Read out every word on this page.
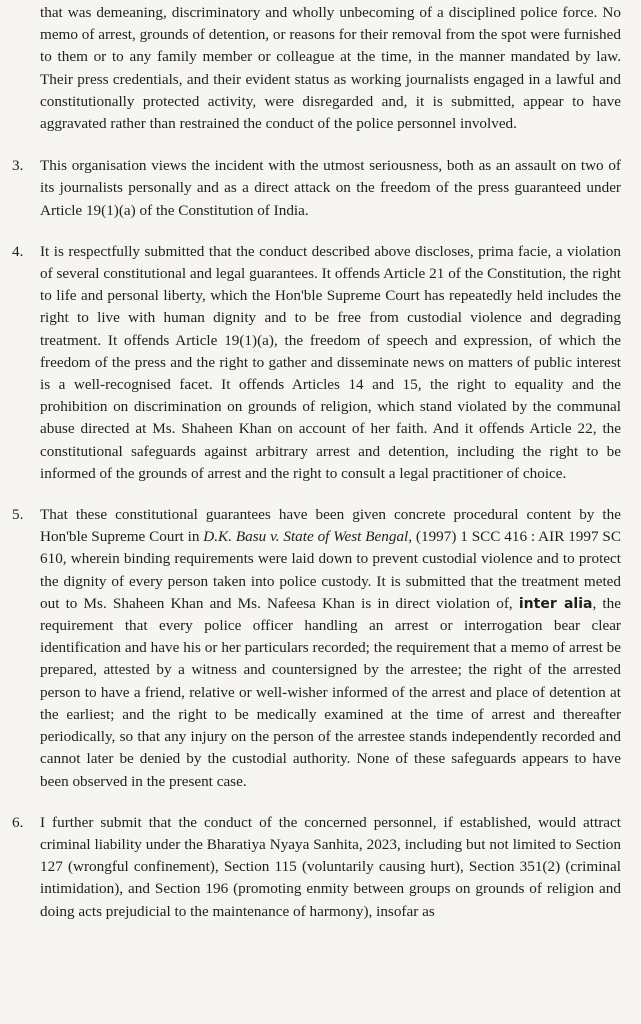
that was demeaning, discriminatory and wholly unbecoming of a disciplined police force. No memo of arrest, grounds of detention, or reasons for their removal from the spot were furnished to them or to any family member or colleague at the time, in the manner mandated by law. Their press credentials, and their evident status as working journalists engaged in a lawful and constitutionally protected activity, were disregarded and, it is submitted, appear to have aggravated rather than restrained the conduct of the police personnel involved.

3.	This organisation views the incident with the utmost seriousness, both as an assault on two of its journalists personally and as a direct attack on the freedom of the press guaranteed under Article 19(1)(a) of the Constitution of India.

4.	It is respectfully submitted that the conduct described above discloses, prima facie, a violation of several constitutional and legal guarantees. It offends Article 21 of the Constitution, the right to life and personal liberty, which the Hon'ble Supreme Court has repeatedly held includes the right to live with human dignity and to be free from custodial violence and degrading treatment. It offends Article 19(1)(a), the freedom of speech and expression, of which the freedom of the press and the right to gather and disseminate news on matters of public interest is a well-recognised facet. It offends Articles 14 and 15, the right to equality and the prohibition on discrimination on grounds of religion, which stand violated by the communal abuse directed at Ms. Shaheen Khan on account of her faith. And it offends Article 22, the constitutional safeguards against arbitrary arrest and detention, including the right to be informed of the grounds of arrest and the right to consult a legal practitioner of choice.

5.	That these constitutional guarantees have been given concrete procedural content by the Hon'ble Supreme Court in D.K. Basu v. State of West Bengal, (1997) 1 SCC 416 : AIR 1997 SC 610, wherein binding requirements were laid down to prevent custodial violence and to protect the dignity of every person taken into police custody. It is submitted that the treatment meted out to Ms. Shaheen Khan and Ms. Nafeesa Khan is in direct violation of, inter alia, the requirement that every police officer handling an arrest or interrogation bear clear identification and have his or her particulars recorded; the requirement that a memo of arrest be prepared, attested by a witness and countersigned by the arrestee; the right of the arrested person to have a friend, relative or well-wisher informed of the arrest and place of detention at the earliest; and the right to be medically examined at the time of arrest and thereafter periodically, so that any injury on the person of the arrestee stands independently recorded and cannot later be denied by the custodial authority. None of these safeguards appears to have been observed in the present case.

6.	I further submit that the conduct of the concerned personnel, if established, would attract criminal liability under the Bharatiya Nyaya Sanhita, 2023, including but not limited to Section 127 (wrongful confinement), Section 115 (voluntarily causing hurt), Section 351(2) (criminal intimidation), and Section 196 (promoting enmity between groups on grounds of religion and doing acts prejudicial to the maintenance of harmony), insofar as
